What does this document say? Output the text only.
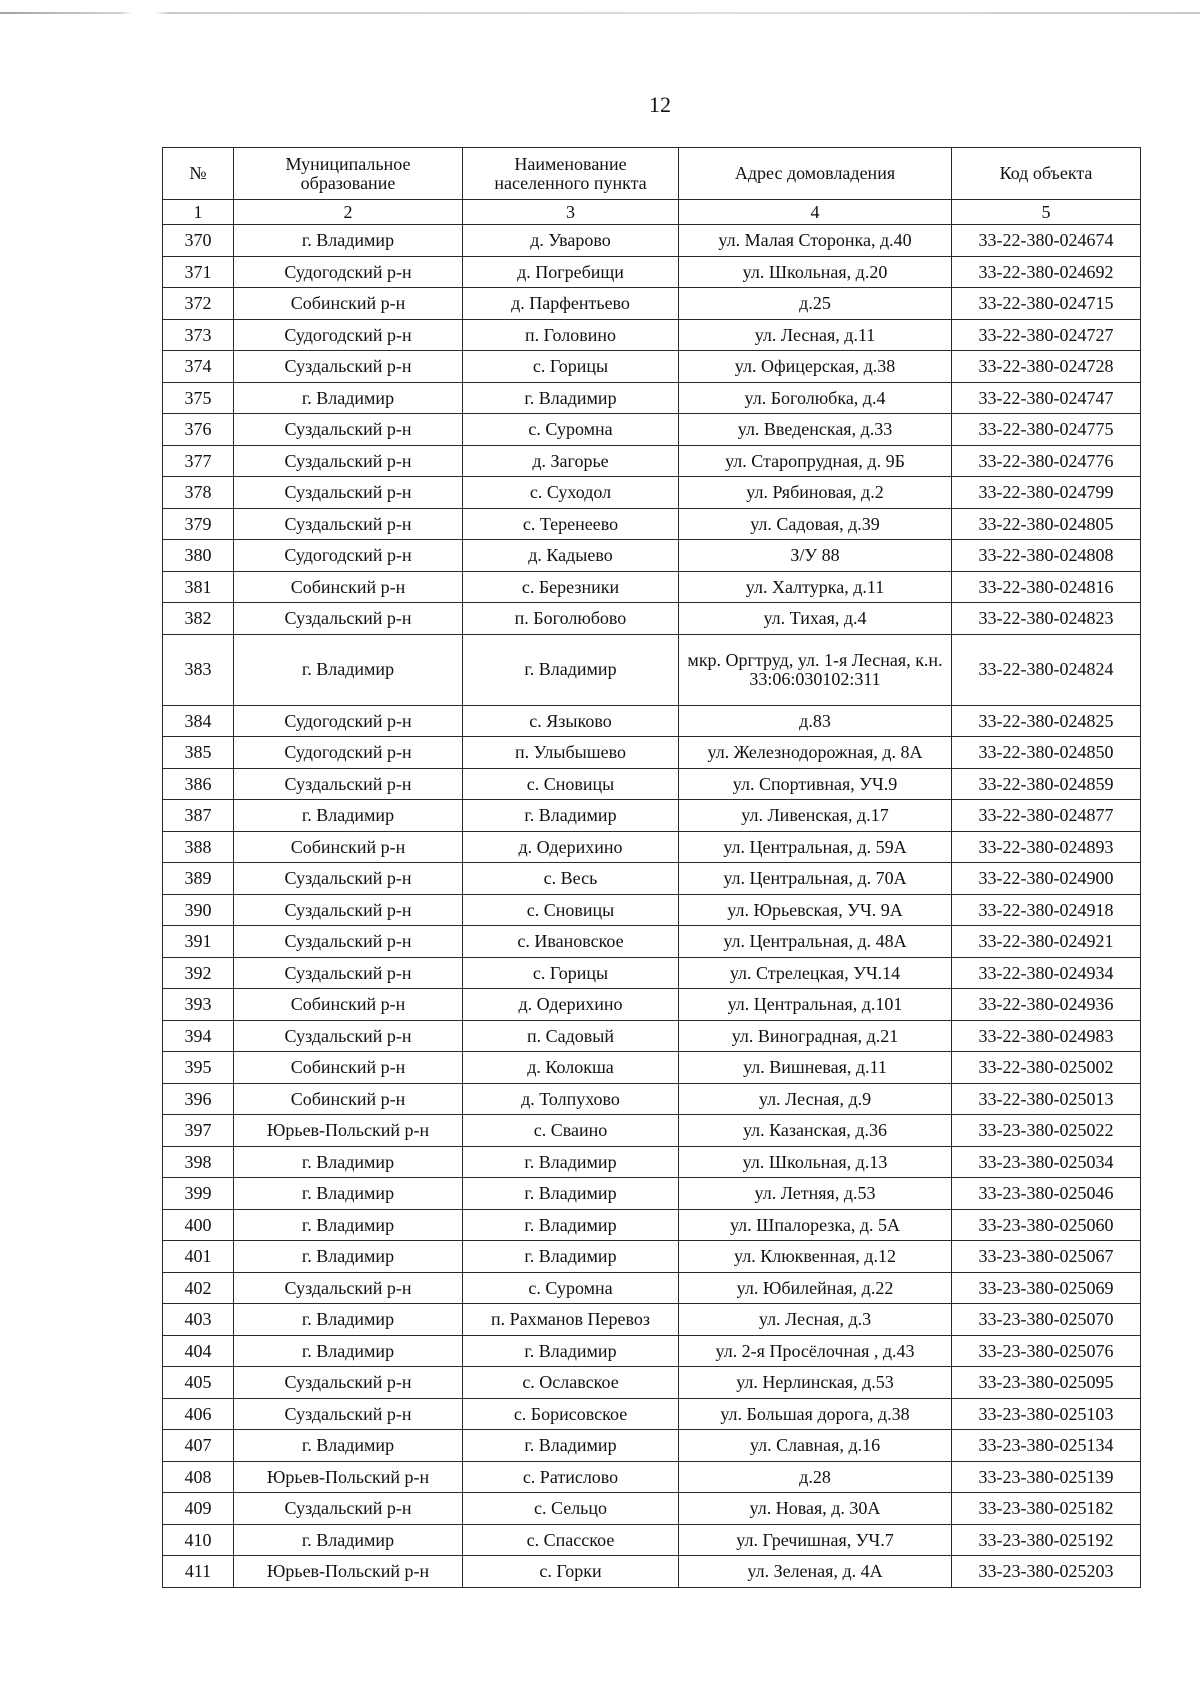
12
№	Муниципальное образование	Наименование населенного пункта	Адрес домовладения	Код объекта
1	2	3	4	5
370	г. Владимир	д. Уварово	ул. Малая Сторонка, д.40	33-22-380-024674
371	Судогодский р-н	д. Погребищи	ул. Школьная, д.20	33-22-380-024692
372	Собинский р-н	д. Парфентьево	д.25	33-22-380-024715
373	Судогодский р-н	п. Головино	ул. Лесная, д.11	33-22-380-024727
374	Суздальский р-н	с. Горицы	ул. Офицерская, д.38	33-22-380-024728
375	г. Владимир	г. Владимир	ул. Боголюбка, д.4	33-22-380-024747
376	Суздальский р-н	с. Суромна	ул. Введенская, д.33	33-22-380-024775
377	Суздальский р-н	д. Загорье	ул. Старопрудная, д. 9Б	33-22-380-024776
378	Суздальский р-н	с. Суходол	ул. Рябиновая, д.2	33-22-380-024799
379	Суздальский р-н	с. Теренеево	ул. Садовая, д.39	33-22-380-024805
380	Судогодский р-н	д. Кадыево	З/У 88	33-22-380-024808
381	Собинский р-н	с. Березники	ул. Халтурка, д.11	33-22-380-024816
382	Суздальский р-н	п. Боголюбово	ул. Тихая, д.4	33-22-380-024823
383	г. Владимир	г. Владимир	мкр. Оргтруд, ул. 1-я Лесная, к.н. 33:06:030102:311	33-22-380-024824
384	Судогодский р-н	с. Языково	д.83	33-22-380-024825
385	Судогодский р-н	п. Улыбышево	ул. Железнодорожная, д. 8А	33-22-380-024850
386	Суздальский р-н	с. Сновицы	ул. Спортивная, УЧ.9	33-22-380-024859
387	г. Владимир	г. Владимир	ул. Ливенская, д.17	33-22-380-024877
388	Собинский р-н	д. Одерихино	ул. Центральная, д. 59А	33-22-380-024893
389	Суздальский р-н	с. Весь	ул. Центральная, д. 70А	33-22-380-024900
390	Суздальский р-н	с. Сновицы	ул. Юрьевская, УЧ. 9А	33-22-380-024918
391	Суздальский р-н	с. Ивановское	ул. Центральная, д. 48А	33-22-380-024921
392	Суздальский р-н	с. Горицы	ул. Стрелецкая, УЧ.14	33-22-380-024934
393	Собинский р-н	д. Одерихино	ул. Центральная, д.101	33-22-380-024936
394	Суздальский р-н	п. Садовый	ул. Виноградная, д.21	33-22-380-024983
395	Собинский р-н	д. Колокша	ул. Вишневая, д.11	33-22-380-025002
396	Собинский р-н	д. Толпухово	ул. Лесная, д.9	33-22-380-025013
397	Юрьев-Польский р-н	с. Сваино	ул. Казанская, д.36	33-23-380-025022
398	г. Владимир	г. Владимир	ул. Школьная, д.13	33-23-380-025034
399	г. Владимир	г. Владимир	ул. Летняя, д.53	33-23-380-025046
400	г. Владимир	г. Владимир	ул. Шпалорезка, д. 5А	33-23-380-025060
401	г. Владимир	г. Владимир	ул. Клюквенная, д.12	33-23-380-025067
402	Суздальский р-н	с. Суромна	ул. Юбилейная, д.22	33-23-380-025069
403	г. Владимир	п. Рахманов Перевоз	ул. Лесная, д.3	33-23-380-025070
404	г. Владимир	г. Владимир	ул. 2-я Просёлочная , д.43	33-23-380-025076
405	Суздальский р-н	с. Ославское	ул. Нерлинская, д.53	33-23-380-025095
406	Суздальский р-н	с. Борисовское	ул. Большая дорога, д.38	33-23-380-025103
407	г. Владимир	г. Владимир	ул. Славная, д.16	33-23-380-025134
408	Юрьев-Польский р-н	с. Ратислово	д.28	33-23-380-025139
409	Суздальский р-н	с. Сельцо	ул. Новая, д. 30А	33-23-380-025182
410	г. Владимир	с. Спасское	ул. Гречишная, УЧ.7	33-23-380-025192
411	Юрьев-Польский р-н	с. Горки	ул. Зеленая, д. 4А	33-23-380-025203
